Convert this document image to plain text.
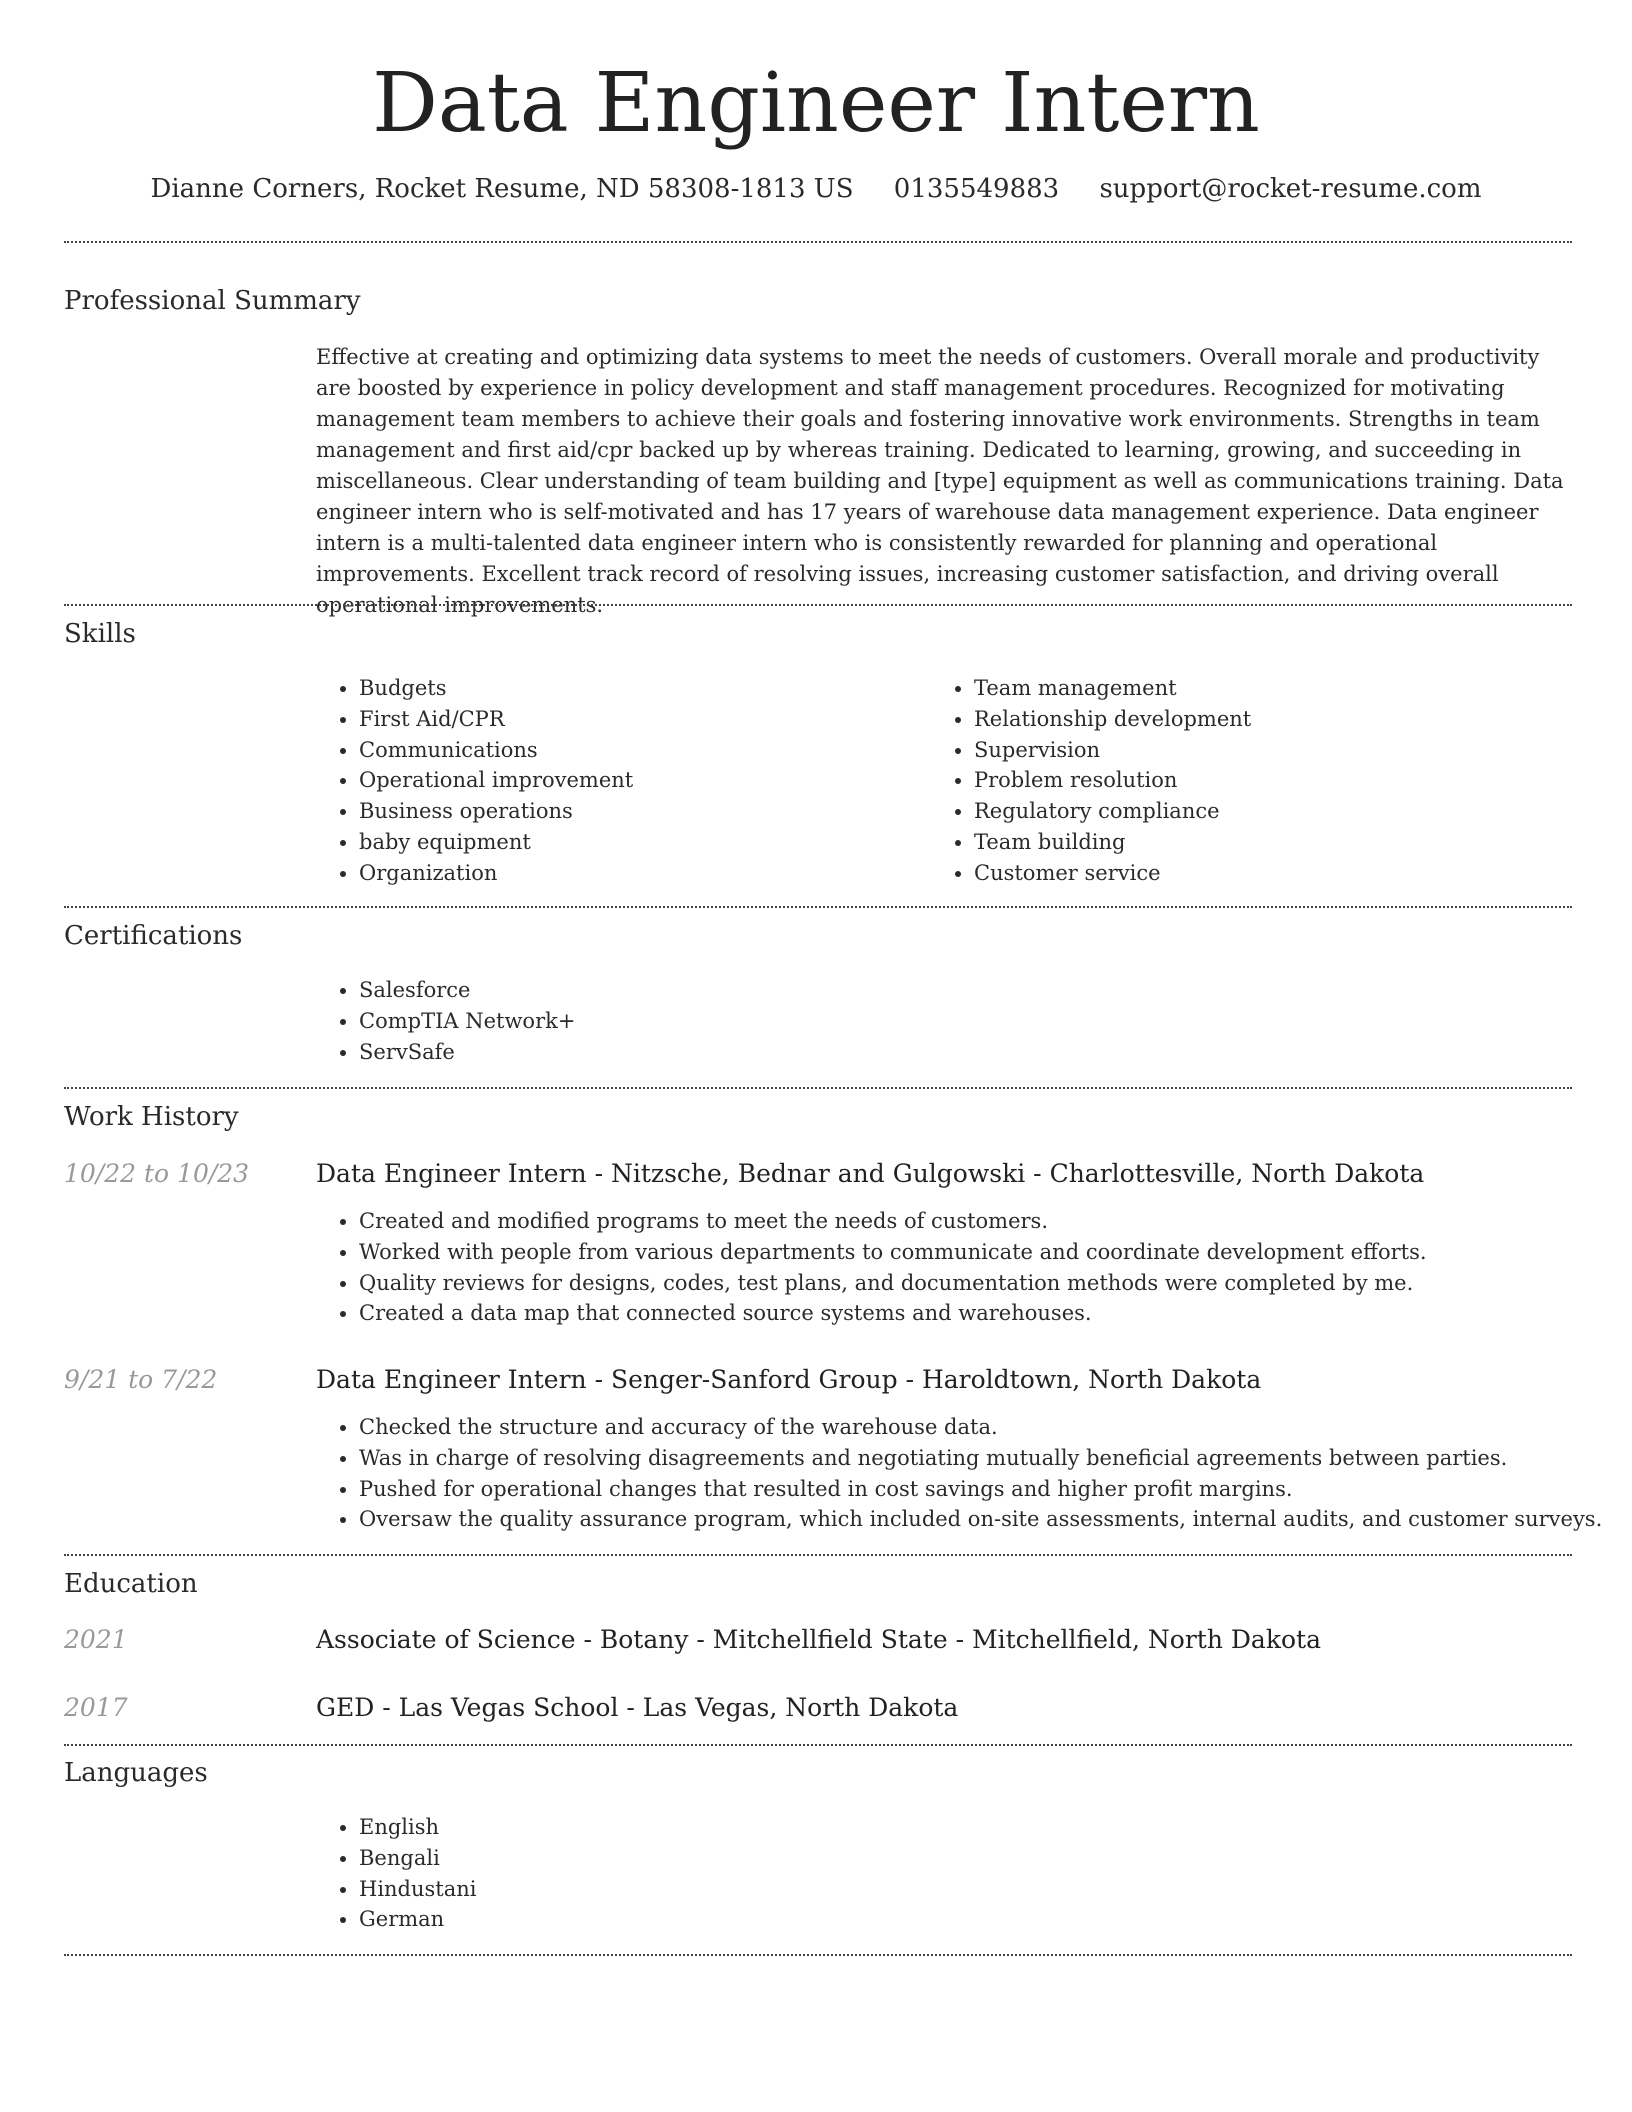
Data Engineer Intern
Dianne Corners, Rocket Resume, ND 58308-1813 US 0135549883 support@rocket-resume.com
Professional Summary
Effective at creating and optimizing data systems to meet the needs of customers. Overall morale and productivity are boosted by experience in policy development and staff management procedures. Recognized for motivating management team members to achieve their goals and fostering innovative work environments. Strengths in team management and first aid/cpr backed up by whereas training. Dedicated to learning, growing, and succeeding in miscellaneous. Clear understanding of team building and [type] equipment as well as communications training. Data engineer intern who is self-motivated and has 17 years of warehouse data management experience. Data engineer intern is a multi-talented data engineer intern who is consistently rewarded for planning and operational improvements. Excellent track record of resolving issues, increasing customer satisfaction, and driving overall operational improvements.
Skills
• Budgets
• First Aid/CPR
• Communications
• Operational improvement
• Business operations
• baby equipment
• Organization
• Team management
• Relationship development
• Supervision
• Problem resolution
• Regulatory compliance
• Team building
• Customer service
Certifications
• Salesforce
• CompTIA Network+
• ServSafe
Work History
10/22 to 10/23	Data Engineer Intern - Nitzsche, Bednar and Gulgowski - Charlottesville, North Dakota
• Created and modified programs to meet the needs of customers.
• Worked with people from various departments to communicate and coordinate development efforts.
• Quality reviews for designs, codes, test plans, and documentation methods were completed by me.
• Created a data map that connected source systems and warehouses.
9/21 to 7/22	Data Engineer Intern - Senger-Sanford Group - Haroldtown, North Dakota
• Checked the structure and accuracy of the warehouse data.
• Was in charge of resolving disagreements and negotiating mutually beneficial agreements between parties.
• Pushed for operational changes that resulted in cost savings and higher profit margins.
• Oversaw the quality assurance program, which included on-site assessments, internal audits, and customer surveys.
Education
2021	Associate of Science - Botany - Mitchellfield State - Mitchellfield, North Dakota
2017	GED - Las Vegas School - Las Vegas, North Dakota
Languages
• English
• Bengali
• Hindustani
• German
